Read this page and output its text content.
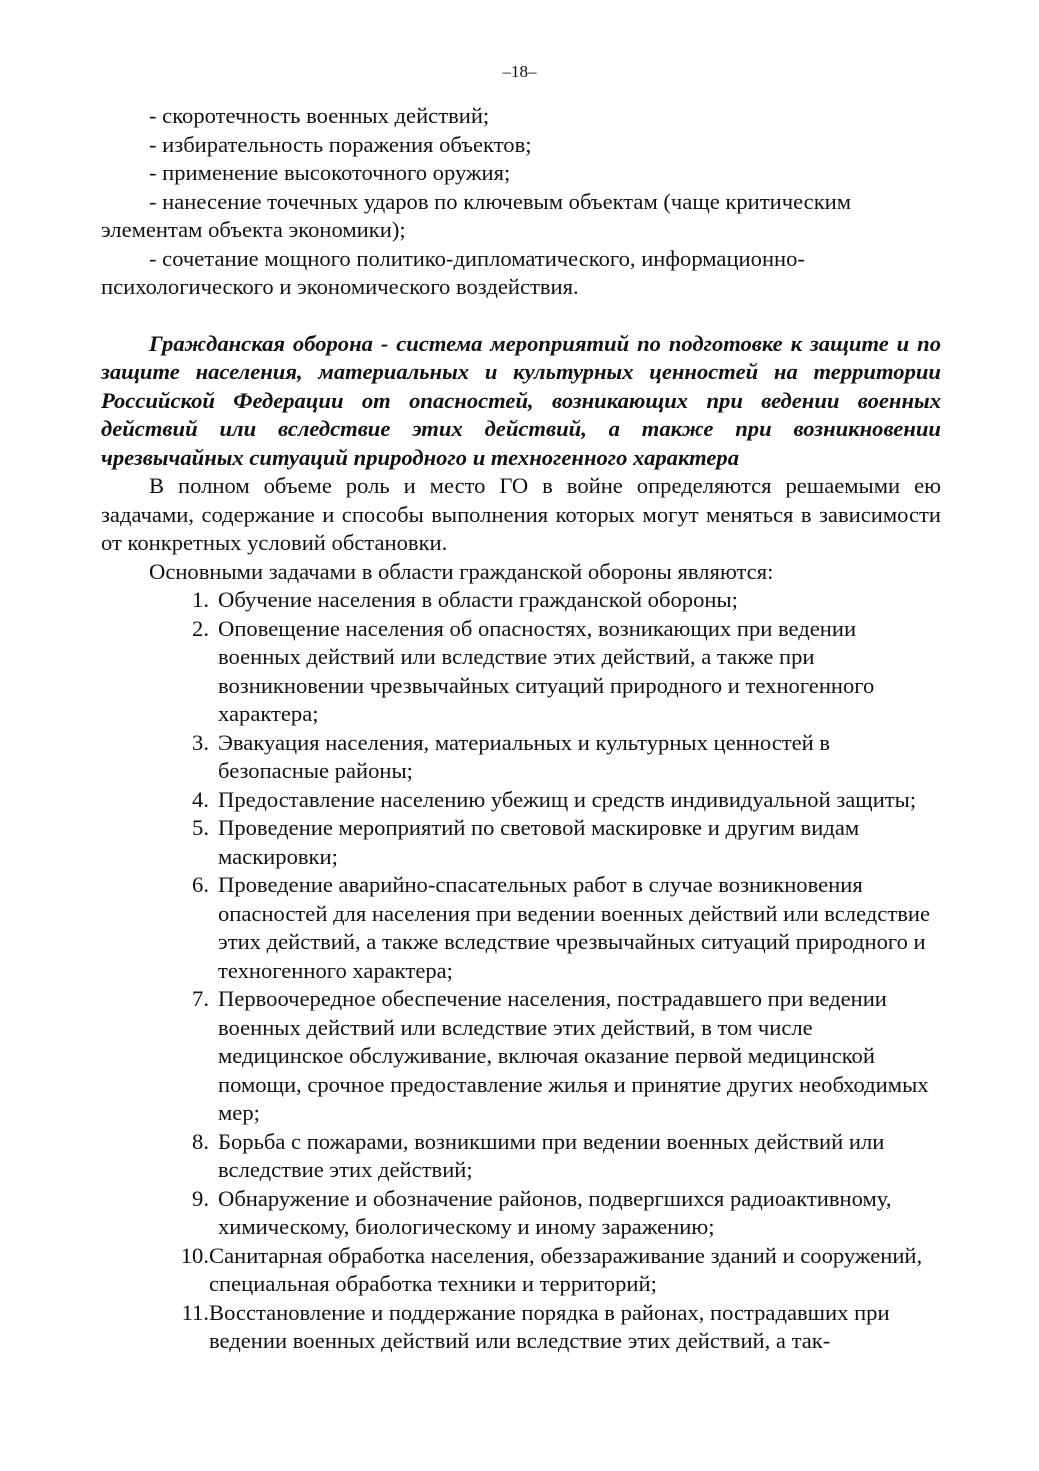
–18–

- скоротечность военных действий;

- избирательность поражения объектов;

- применение высокоточного оружия;

- нанесение точечных ударов по ключевым объектам (чаще критическим элементам объекта экономики);

- сочетание мощного политико-дипломатического, информационно-психологического и экономического воздействия.

Гражданская оборона - система мероприятий по подготовке к защите и по защите населения, материальных и культурных ценностей на территории Российской Федерации от опасностей, возникающих при ведении военных действий или вследствие этих действий, а также при возникновении чрезвычайных ситуаций природного и техногенного характера

В полном объеме роль и место ГО в войне определяются решаемыми ею задачами, содержание и способы выполнения которых могут меняться в зависимости от конкретных условий обстановки.

Основными задачами в области гражданской обороны являются:

1. Обучение населения в области гражданской обороны;
2. Оповещение населения об опасностях, возникающих при ведении военных действий или вследствие этих действий, а также при возникновении чрезвычайных ситуаций природного и техногенного характера;
3. Эвакуация населения, материальных и культурных ценностей в безопасные районы;
4. Предоставление населению убежищ и средств индивидуальной защиты;
5. Проведение мероприятий по световой маскировке и другим видам маскировки;
6. Проведение аварийно-спасательных работ в случае возникновения опасностей для населения при ведении военных действий или вследствие этих действий, а также вследствие чрезвычайных ситуаций природного и техногенного характера;
7. Первоочередное обеспечение населения, пострадавшего при ведении военных действий или вследствие этих действий, в том числе медицинское обслуживание, включая оказание первой медицинской помощи, срочное предоставление жилья и принятие других необходимых мер;
8. Борьба с пожарами, возникшими при ведении военных действий или вследствие этих действий;
9. Обнаружение и обозначение районов, подвергшихся радиоактивному, химическому, биологическому и иному заражению;
10. Санитарная обработка населения, обеззараживание зданий и сооружений, специальная обработка техники и территорий;
11. Восстановление и поддержание порядка в районах, пострадавших при ведении военных действий или вследствие этих действий, а так-
